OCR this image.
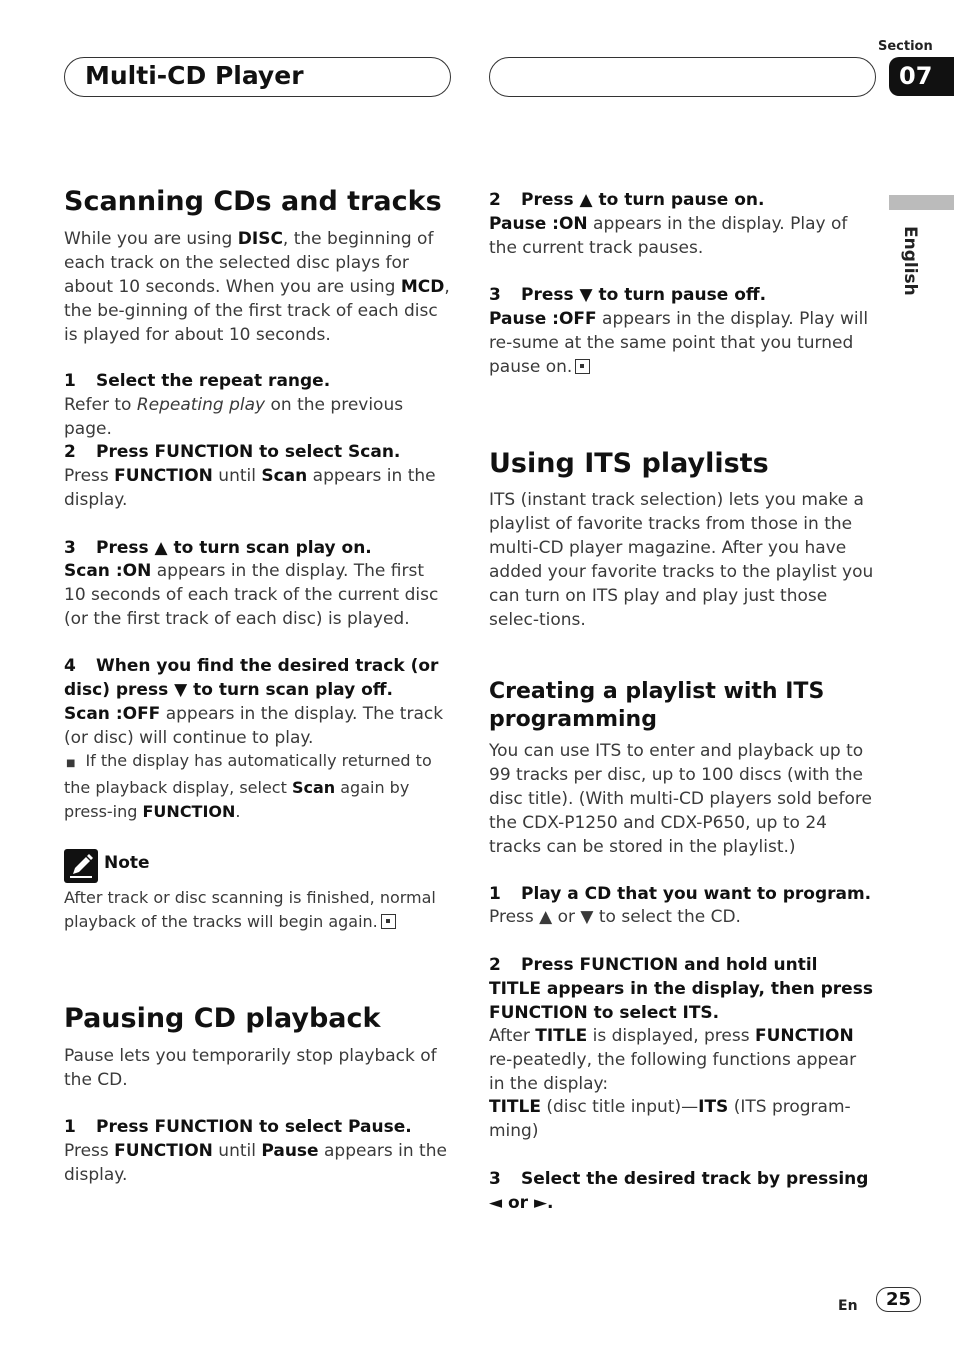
Section
07
Multi-CD Player
English
Scanning CDs and tracks

While you are using DISC, the beginning of each track on the selected disc plays for about 10 seconds. When you are using MCD, the be-ginning of the first track of each disc is played for about 10 seconds.

1 Select the repeat range.

Refer to Repeating play on the previous page.

2 Press FUNCTION to select Scan.

Press FUNCTION until Scan appears in the display.

3 Press ▲ to turn scan play on.

Scan :ON appears in the display. The first 10 seconds of each track of the current disc (or the first track of each disc) is played.

4 When you find the desired track (or disc) press ▼ to turn scan play off.

Scan :OFF appears in the display. The track (or disc) will continue to play.

■ If the display has automatically returned to the playback display, select Scan again by press-ing FUNCTION.

Note

After track or disc scanning is finished, normal playback of the tracks will begin again.

Pausing CD playback

Pause lets you temporarily stop playback of the CD.

1 Press FUNCTION to select Pause.

Press FUNCTION until Pause appears in the display.

2 Press ▲ to turn pause on.

Pause :ON appears in the display. Play of the current track pauses.

3 Press ▼ to turn pause off.

Pause :OFF appears in the display. Play will re-sume at the same point that you turned pause on.

Using ITS playlists

ITS (instant track selection) lets you make a playlist of favorite tracks from those in the multi-CD player magazine. After you have added your favorite tracks to the playlist you can turn on ITS play and play just those selec-tions.

Creating a playlist with ITS programming

You can use ITS to enter and playback up to 99 tracks per disc, up to 100 discs (with the disc title). (With multi-CD players sold before the CDX-P1250 and CDX-P650, up to 24 tracks can be stored in the playlist.)

1 Play a CD that you want to program.

Press ▲ or ▼ to select the CD.

2 Press FUNCTION and hold until TITLE appears in the display, then press FUNCTION to select ITS.

After TITLE is displayed, press FUNCTION re-peatedly, the following functions appear in the display:

TITLE (disc title input)—ITS (ITS program-ming)

3 Select the desired track by pressing ◄ or ►.
En	25
